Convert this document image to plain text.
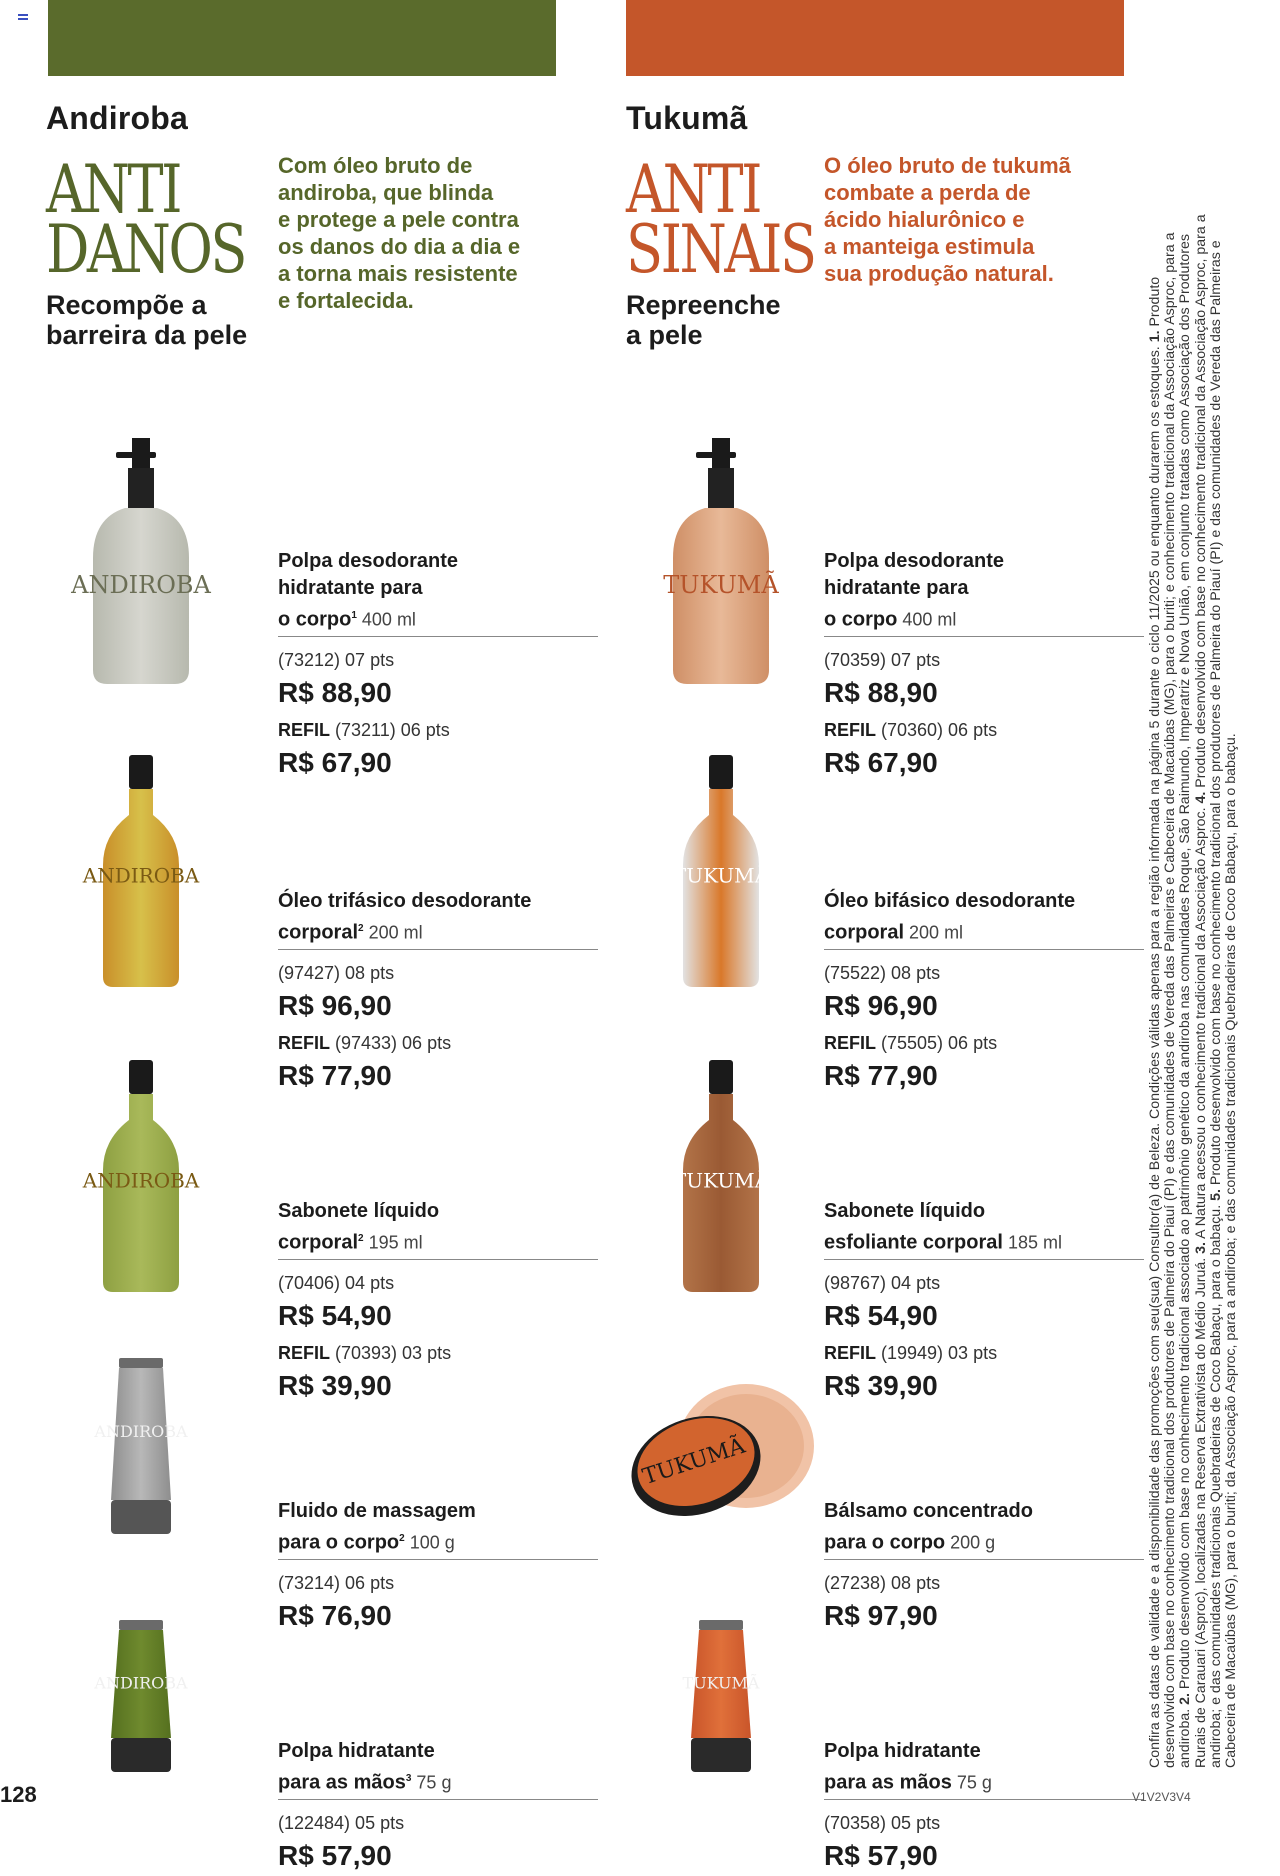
Andiroba
ANTI
DANOS
Recompõe a
barreira da pele
Com óleo bruto de
andiroba, que blinda
e protege a pele contra
os danos do dia a dia e
a torna mais resistente
e fortalecida.
ANDIROBA
Polpa desodorante
hidratante para
o corpo$^1$ 400 ml
(73212) 07 pts
R$ 88,90
REFIL (73211) 06 pts
R$ 67,90
ANDIROBA
Óleo trifásico desodorante
corporal$^2$ 200 ml
(97427) 08 pts
R$ 96,90
REFIL (97433) 06 pts
R$ 77,90
ANDIROBA
Sabonete líquido
corporal$^2$ 195 ml
(70406) 04 pts
R$ 54,90
REFIL (70393) 03 pts
R$ 39,90
ANDIROBA
Fluido de massagem
para o corpo$^2$ 100 g
(73214) 06 pts
R$ 76,90
ANDIROBA
Polpa hidratante
para as mãos$^3$ 75 g
(122484) 05 pts
R$ 57,90
Tukumã
ANTI
SINAIS
Repreenche
a pele
O óleo bruto de tukumã
combate a perda de
ácido hialurônico e
a manteiga estimula
sua produção natural.
TUKUMÃ
Polpa desodorante
hidratante para
o corpo 400 ml
(70359) 07 pts
R$ 88,90
REFIL (70360) 06 pts
R$ 67,90
TUKUMÃ
Óleo bifásico desodorante
corporal 200 ml
(75522) 08 pts
R$ 96,90
REFIL (75505) 06 pts
R$ 77,90
TUKUMÃ
Sabonete líquido
esfoliante corporal 185 ml
(98767) 04 pts
R$ 54,90
REFIL (19949) 03 pts
R$ 39,90
TUKUMÃ
Bálsamo concentrado
para o corpo 200 g
(27238) 08 pts
R$ 97,90
TUKUMÃ
Polpa hidratante
para as mãos 75 g
(70358) 05 pts
R$ 57,90
Confira as datas de validade e a disponibilidade das promoções com seu(sua) Consultor(a) de Beleza. Condições válidas apenas para a região informada na página 5 durante o ciclo 11/2025 ou enquanto durarem os estoques. 1. Produto desenvolvido com base no conhecimento tradicional dos produtores de Palmeira do Piauí (PI) e das comunidades de Vereda das Palmeiras e Cabeceira de Macaúbas (MG), para o buriti; e conhecimento tradicional da Associação Asproc, para a andiroba. 2. Produto desenvolvido com base no conhecimento tradicional associado ao patrimônio genético da andiroba nas comunidades Roque, São Raimundo, Imperatriz e Nova União, em conjunto tratadas como Associação dos Produtores Rurais de Carauari (Asproc), localizadas na Reserva Extrativista do Médio Juruá. 3. A Natura acessou o conhecimento tradicional da Associação Asproc. 4. Produto desenvolvido com base no conhecimento tradicional da Associação Asproc, para a andiroba; e das comunidades tradicionais Quebradeiras de Coco Babaçu, para o babaçu. 5. Produto desenvolvido com base no conhecimento tradicional dos produtores de Palmeira do Piauí (PI) e das comunidades de Vereda das Palmeiras e Cabeceira de Macaúbas (MG), para o buriti; da Associação Asproc, para a andiroba; e das comunidades tradicionais Quebradeiras de Coco Babaçu, para o babaçu.
128	V1V2V3V4
